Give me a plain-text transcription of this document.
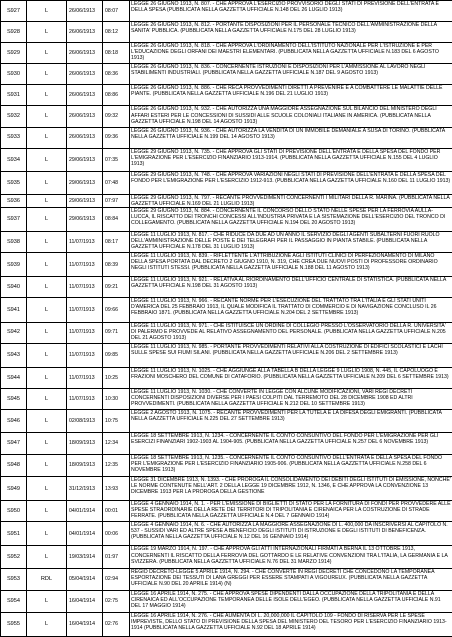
S927	L	26/06/1913	08:07	LEGGE 26 GIUGNO 1913, N. 807. - CHE APPROVA L'ESERCIZIO PROVVISORIO DEGLI STATI DI PREVISIONE DELL'ENTRATA E DELLA SPESA (PUBBLICATA NELLA GAZZETTA UFFICIALE N.148 DEL 26 LUGLIO 1913)
S928	L	26/06/1913	08:12	LEGGE 26 GIUGNO 1913, N. 812. - PORTANTE DISPOSIZIONI PER IL PERSONALE TECNICO DELL'AMMINISTRAZIONE DELLA SANITA' PUBBLICA. (PUBBLICATA NELLA GAZZETTA UFFICIALE N.175 DEL 28 LUGLIO 1913)
S929	L	26/06/1913	08:18	LEGGE 26 GIUGNO 1913, N. 818. - CHE APPROVA L'ORDINAMENTO DELL'ISTITUTO NAZIONALE PER L'ISTRUZIONE E PER L'EDUCAZIONE DEGLI ORFANI DEI MAESTRI ELEMENTARI. (PUBBLICATA NELLA GAZZETTA UFFICIALE N.183 DEL 6 AGOSTO 1913)
S930	L	26/06/1913	08:36	LEGGE 26 GIUGNO 1913, N. 836. - CONCERNENTE ISTRUZIONI E DISPOSIZIONI PER L'AMMISSIONE AL LAVORO NEGLI STABILIMENTI INDUSTRIALI. (PUBBLICATA NELLA GAZZETTA UFFICIALE N.187 DEL 9 AGOSTO 1913)
S931	L	26/06/1913	08:86	LEGGE 26 GIUGNO 1913, N. 886. - CHE RECA PROVVEDIMENTI DIRETTI A PREVENIRE E A COMBATTERE LE MALATTIE DELLE PIANTE. (PUBBLICATA NELLA GAZZETTA UFFICIALE N.196 DEL 21 LUGLIO 1913)
S932	L	26/06/1913	09:32	LEGGE 26 GIUGNO 1913, N. 932. - CHE AUTORIZZA UNA MAGGIORE ASSEGNAZIONE SUL BILANCIO DEL MINISTERO DEGLI AFFARI ESTERI PER LE CONCESSIONI DI SUSSIDI ALLE SCUOLE COLONIALI ITALIANE IN AMERICA. (PUBBLICATA NELLA GAZZETTA UFFICIALE N.198 DEL 14 AGOSTO 1913)
S933	L	26/06/1913	09:36	LEGGE 26 GIUGNO 1913, N. 936. - CHE AUTORIZZA LA VENDITA DI UN IMMOBILE DEMANIALE A SUSA DI TORINO. (PUBBLICATA NELLA GAZZETTA UFFICIALE N.199 DEL 14 AGOSTO 1913)
S934	L	29/06/1913	07:35	LEGGE 29 GIUGNO 1913, N. 735. - CHE APPROVA GLI STATI DI PREVISIONE DELL'ENTRATA E DELLA SPESA DEL FONDO PER L'EMIGRAZIONE PER L'ESERCIZIO FINANZIARIO 1913-1914. (PUBBLICATA NELLA GAZZETTA UFFICIALE N.155 DEL 4 LUGLIO 1913)
S935	L	29/06/1913	07:48	LEGGE 29 GIUGNO 1913, N. 748. - CHE APPROVA VARIAZIONI NEGLI STATI DI PREVISIONE DELL'ENTRATA E DELLA SPESA DEL FONDO PER L'EMIGRAZIONE PER L'ESERCIZIO 1912-913. (PUBBLICATA NELLA GAZZETTA UFFICIALE N.160 DEL 11 LUGLIO 1913)
S936	L	29/06/1913	07:97	LEGGE 29 GIUGNO 1913, N. 797. - RECANTE PROVVEDIMENTI CONCERNENTI I MILITARI DELLA R. MARINA. (PUBBLICATA NELLA GAZZETTA UFFICIALE N.169 DEL 21 LUGLIO 1913)
S937	L	29/06/1913	08:84	LEGGE 29 GIUGNO 1913, N. 884. - CONCERNENTE IL CONCORSO DELLO STATO NELLE SPESE PER LA FERROVIA AULLA-LUCCA, IL RISCATTO DEI TRONCHI CONCESSI ALL'INDUSTRIA PRIVATA E LA SISTEMAZIONE DELL'ESERCIZIO DEL TRONCO DI COLLEGAMENTO. (PUBBLICATA NELLA GAZZETTA UFFICIALE N.194 DEL 20 AGOSTO 1913)
S938	L	11/07/1913	08:17	LEGGE 11 LUGLIO 1913, N. 817. - CHE RIDUCE DA DUE AD UN ANNO IL SERVIZIO DEGLI AGENTI SUBALTERNI FUORI RUOLO DELL'AMMINISTRAZIONE DELLE POSTE E DEI TELEGRAFI PER IL PASSAGGIO IN PIANTA STABILE. (PUBBLICATA NELLA GAZZETTA UFFICIALE N.178 DEL 31 LUGLIO 1913)
S939	L	11/07/1913	08:39	LEGGE 11 LUGLIO 1913, N. 839. - RIFLETTENTE L'ATTRIBUZIONE AGLI ISTITUTI CLINICI DI PERFEZIONAMENTO DI MILANO DELLA SPESA PORTATA DAL DECRETO 2 GIUGNO 1910, N. 319, CHE CREA DUE NUOVI POSTI DI PROFESSORE ORDINARIO NEGLI ISTITUTI STESSI. (PUBBLICATA NELLA GAZZETTA UFFICIALE N.188 DEL 11 AGOSTO 1913)
S940	L	11/07/1913	09:21	LEGGE 11 LUGLIO 1913, N. 921. - RELATIVA AL RIORDINAMENTO DELL'UFFICIO CENTRALE DI STATISTICA. (PUBBLICATA NELLA GAZZETTA UFFICIALE N.198 DEL 31 AGOSTO 1913)
S941	L	11/07/1913	09:66	LEGGE 11 LUGLIO 1913, N. 966. - RECANTE NORME PER L'ESECUZIONE DEL TRATTATO TRA L'ITALIA E GLI STATI UNITI D'AMERICA DEL 25 FEBBRAIO 1913, IL QUALE MODIFICA IL TRATTATO DI COMMERCIO E DI NAVIGAZIONE CONCLUSO IL 26 FEBBRAIO 1871. (PUBBLICATA NELLA GAZZETTA UFFICIALE N.204 DEL 2 SETTEMBRE 1913)
S942	L	11/07/1913	09:71	LEGGE 11 LUGLIO 1913, N. 971. - CHE ISTITUISCE UN ORDINE DI COLLEGIO PRESSO L'OSSERVATORIO DELLA R. UNIVERSITA' DI PALERMO E PROVVEDE AL RELATIVO ASSEGNAMENTO DEL PERSONALE. (PUBBLICATA NELLA GAZZETTA UFFICIALE N.205 DEL 21 AGOSTO 1913)
S943	L	11/07/1913	09:85	LEGGE 11 LUGLIO 1913, N. 985. - PORTANTE PROVVEDIMENTI RELATIVI ALLA COSTRUZIONE DI EDIFICI SCOLASTICI E LACHI SULLE SPESE SUI FIUMI SILANI. (PUBBLICATA NELLA GAZZETTA UFFICIALE N.206 DEL 2 SETTEMBRE 1913)
S944	L	11/07/1913	10:25	LEGGE 11 LUGLIO 1913, N. 1025. - CHE AGGIUNGE ALLA TABELLA B DELLA LEGGE 9 LUGLIO 1908, N. 445, IL CAPOLUOGO E FRAZIONI MOSCHERO DEL COMUNE DI CATAFORIO. (PUBBLICATA NELLA GAZZETTA UFFICIALE N.209 DEL 6 SETTEMBRE 1913)
S945	L	11/07/1913	10:30	LEGGE 11 LUGLIO 1913, N. 1030. - CHE CONVERTE IN LEGGE CON ALCUNE MODIFICAZIONI, VARI REGI DECRETI CONCERNENTI DISPOSIZIONI DIVERSE PER I PAESI COLPITI DAL TERREMOTO DEL 28 DICEMBRE 1908 ED ALTRI PROVVEDIMENTI. (PUBBLICATA NELLA GAZZETTA UFFICIALE N.212 DEL 10 SETTEMBRE 1913)
S946	L	02/08/1913	10:75	LEGGE 2 AGOSTO 1913, N. 1075. - RECANTE PROVVEDIMENTI PER LA TUTELA E LA DIFESA DEGLI EMIGRANTI. (PUBBLICATA NELLA GAZZETTA UFFICIALE N.225 DEL 27 SETTEMBRE 1913)
S947	L	18/09/1913	12:34	LEGGE 18 SETTEMBRE 1913, N. 1234. - CONCERNENTE IL CONTO CONSUNTIVO DEL FONDO PER L'EMIGRAZIONE PER GLI ESERCIZI FINANZIARI 1902-1903 AL 1904-905. (PUBBLICATA NELLA GAZZETTA UFFICIALE N.257 DEL 6 NOVEMBRE 1913)
S948	L	18/09/1913	12:35	LEGGE 18 SETTEMBRE 1913, N. 1235. - CONCERNENTE IL CONTO CONSUNTIVO DELL'ENTRATA E DELLA SPESA DEL FONDO PER L'EMIGRAZIONE PER L'ESERCIZIO FINANZIARIO 1905-906. (PUBBLICATA NELLA GAZZETTA UFFICIALE N.258 DEL 6 NOVEMBRE 1913)
S949	L	31/12/1913	13:93	LEGGE 31 DICEMBRE 1913, N. 1393. - CHE PROROGA IL CONSOLIDAMENTO DEI DEBITI DEGLI ISTITUTI DI EMISSIONE, NONCHE' LE NORME CONTENUTE NELL'ART. 2 DELLA LEGGE 19 DICEMBRE 1912, N. 1346, E CHE APPROVA LA CONVENZIONE 13 DICEMBRE 1913 PER LA PROROGA DELLA GESTIONE
S950	L	04/01/1914	00:01	LEGGE 4 GENNAIO 1914, N. 1. - PER L'EMISSIONE DI BIGLIETTI DI STATO PER LA FORNITURA DI FONDI PER PROVVEDERE ALLE SPESE STRAORDINARIE DELLA RETE DEI TERRITORI DI TRIPOLITANIA E CIRENAICA PER LA COSTRUZIONE DI STRADE FERRATE. (PUBBLICATA NELLA GAZZETTA UFFICIALE N.4 DEL 7 GENNAIO 1914)
S951	L	04/01/1914	00:06	LEGGE 4 GENNAIO 1914, N. 6. - CHE AUTORIZZA LA MAGGIORE ASSEGNAZIONE DI L. 400,000 DA INSCRIVERSI AL CAPITOLO N. 537 - SUSSIDI VARI ED ALTRE SPESE A BENEFICIO DEGLI ISTITUTI DI ISTRUZIONE E DEGLI ISTITUTI DI BENEFICENZA. (PUBBLICATA NELLA GAZZETTA UFFICIALE N.12 DEL 16 GENNAIO 1914)
S952	L	19/03/1914	01:97	LEGGE 19 MARZO 1914, N. 197. - CHE APPROVA GLI ATTI INTERNAZIONALI FIRMATI A BERNA IL 13 OTTOBRE 1913, CONCERNENTI IL RISCATTO DELLA FERROVIA DEL GOTTARDO E LE RELATIVE CONVENZIONI TRA L'ITALIA, LA GERMANIA E LA SVIZZERA. (PUBBLICATA NELLA GAZZETTA UFFICIALE N.76 DEL 31 MARZO 1914)
S953	RDL	05/04/1914	02:94	REGIO DECRETO-LEGGE 5 APRILE 1914, N. 294. - CHE CONVERTE IN REGI DECRETI CHE CONCEDONO LA TEMPORANEA ESPORTAZIONE DEI TESSUTI DI LANA GREGGI PER ESSERE STAMPATI A VIGOUREUX. (PUBBLICATA NELLA GAZZETTA UFFICIALE N.90 DEL 20 APRILE 1914) (N)
S954	L	16/04/1914	02:75	LEGGE 16 APRILE 1914, N. 275. - CHE APPROVA SPESE DIPENDENTI DALLA OCCUPAZIONE DELLA TRIPOLITANIA E DELLA CIRENAICA ED ALL'OCCUPAZIONE TEMPORANEA DELLE ISOLE DELL'EGEO. (PUBBLICATA NELLA GAZZETTA UFFICIALE N.91 DEL 17 MAGGIO 1914)
S955	L	16/04/1914	02:76	LEGGE 16 APRILE 1914, N. 276. - CHE AUMENTA DI L. 20,000,000 IL CAPITOLO 109 - FONDO DI RISERVA PER LE SPESE IMPREVISTE, DELLO STATO DI PREVISIONE DELLA SPESA DEL MINISTERO DEL TESORO PER L'ESERCIZIO FINANZIARIO 1913-1914 (PUBBLICATA NELLA GAZZETTA UFFICIALE N.92 DEL 18 APRILE 1914)
